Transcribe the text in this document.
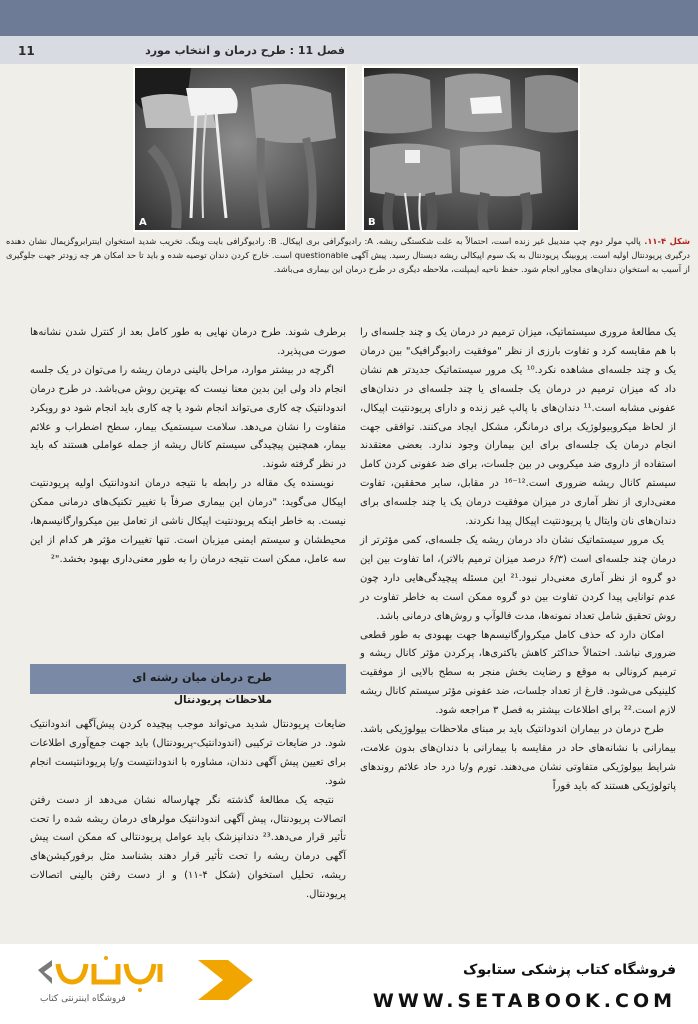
11	فصل 11 : طرح درمان و انتخاب مورد
A	B
شکل ۴-۱۱. پالپ مولر دوم چپ مندیبل غیر زنده است، احتمالاً به علت شکستگی ریشه. A: رادیوگرافی بری اپیکال. B: رادیوگرافی بایت وینگ. تخریب شدید استخوان اینترابروگزیمال نشان دهنده درگیری پریودنتال اولیه است. پروبینگ پریودنتال به یک سوم اپیکالی ریشه دیستال رسید. پیش آگهی questionable است. خارج کردن دندان توصیه شده و باید تا حد امکان هر چه زودتر جهت جلوگیری از آسیب به استخوان دندان‌های مجاور انجام شود. حفظ ناحیه ایمپلنت، ملاحظه دیگری در طرح درمان این بیماری می‌باشد.

یک مطالعهٔ مروری سیستماتیک، میزان ترمیم در درمان یک و چند جلسه‌ای را با هم مقایسه کرد و تفاوت بارزی از نظر "موفقیت رادیوگرافیک" بین درمان یک و چند جلسه‌ای مشاهده نکرد.¹⁰ یک مرور سیستماتیک جدیدتر هم نشان داد که میزان ترمیم در درمان یک جلسه‌ای یا چند جلسه‌ای در دندان‌های عفونی مشابه است.¹¹ دندان‌های با پالپ غیر زنده و دارای پریودنتیت اپیکال، از لحاظ میکروبیولوژیک برای درمانگر، مشکل ایجاد می‌کنند. توافقی جهت انجام درمان یک جلسه‌ای برای این بیماران وجود ندارد. بعضی معتقدند استفاده از داروی ضد میکروبی در بین جلسات، برای ضد عفونی کردن کامل سیستم کانال ریشه ضروری است.¹²⁻¹⁶ در مقابل، سایر محققین، تفاوت معنی‌داری از نظر آماری در میزان موفقیت درمان یک یا چند جلسه‌ای برای دندان‌های نان وایتال یا پریودنتیت اپیکال پیدا نکردند.

یک مرور سیستماتیک نشان داد درمان ریشه یک جلسه‌ای، کمی مؤثرتر از درمان چند جلسه‌ای است (۶/۳ درصد میزان ترمیم بالاتر)، اما تفاوت بین این دو گروه از نظر آماری معنی‌دار نبود.²¹ این مسئله پیچیدگی‌هایی دارد چون عدم توانایی پیدا کردن تفاوت بین دو گروه ممکن است به خاطر تفاوت در روش تحقیق شامل تعداد نمونه‌ها، مدت فالوآپ و روش‌های درمانی باشد.

امکان دارد که حذف کامل میکروارگانیسم‌ها جهت بهبودی به طور قطعی ضروری نباشد. احتمالاً حداکثر کاهش باکتری‌ها، پرکردن مؤثر کانال ریشه و ترمیم کرونالی به موقع و رضایت بخش منجر به سطح بالایی از موفقیت کلینیکی می‌شود. فارغ از تعداد جلسات، ضد عفونی مؤثر سیستم کانال ریشه لازم است.²² برای اطلاعات بیشتر به فصل ۳ مراجعه شود.

طرح درمان در بیماران اندودانتیک باید بر مبنای ملاحظات بیولوژیکی باشد. بیمارانی با نشانه‌های حاد در مقایسه با بیمارانی با دندان‌های بدون علامت، شرایط بیولوژیکی متفاوتی نشان می‌دهند. تورم و/یا درد حاد علائم روندهای پاتولوژیکی هستند که باید فوراً

برطرف شوند. طرح درمان نهایی به طور کامل بعد از کنترل شدن نشانه‌ها صورت می‌پذیرد.

اگرچه در بیشتر موارد، مراحل بالینی درمان ریشه را می‌توان در یک جلسه انجام داد ولی این بدین معنا نیست که بهترین روش می‌باشد. در طرح درمان اندودانتیک چه کاری می‌تواند انجام شود یا چه کاری باید انجام شود دو رویکرد متفاوت را نشان می‌دهد. سلامت سیستمیک بیمار، سطح اضطراب و علائم بیمار، همچنین پیچیدگی سیستم کانال ریشه از جمله عواملی هستند که باید در نظر گرفته شوند.

نویسنده یک مقاله در رابطه با نتیجه درمان اندودانتیک اولیه پریودنتیت اپیکال می‌گوید: "درمان این بیماری صرفاً با تغییر تکنیک‌های درمانی ممکن نیست. به خاطر اینکه پریودنتیت اپیکال ناشی از تعامل بین میکروارگانیسم‌ها، محیطشان و سیستم ایمنی میزبان است. تنها تغییرات مؤثر هر کدام از این سه عامل، ممکن است نتیجه درمان را به طور معنی‌داری بهبود بخشد."²

طرح درمان میان رشته ای
ملاحظات پریودنتال

ضایعات پریودنتال شدید می‌تواند موجب پیچیده کردن پیش‌آگهی اندودانتیک شود. در ضایعات ترکیبی (اندودانتیک-پریودنتال) باید جهت جمع‌آوری اطلاعات برای تعیین پیش آگهی دندان، مشاوره با اندودانتیست و/یا پریودانتیست انجام شود.

نتیجه یک مطالعهٔ گذشته نگر چهارساله نشان می‌دهد از دست رفتن اتصالات پریودنتال، پیش آگهی اندودانتیک مولرهای درمان ریشه شده را تحت تأثیر قرار می‌دهد.²³ دندانپزشک باید عوامل پریودنتالی که ممکن است پیش آگهی درمان ریشه را تحت تأثیر قرار دهند بشناسد مثل برفورکیشن‌های ریشه، تحلیل استخوان (شکل ۴-۱۱) و از دست رفتن بالینی اتصالات پریودنتال.

فروشگاه اینترنتی کتاب
فروشگاه کتاب پزشکی ستابوک
WWW.SETABOOK.COM
